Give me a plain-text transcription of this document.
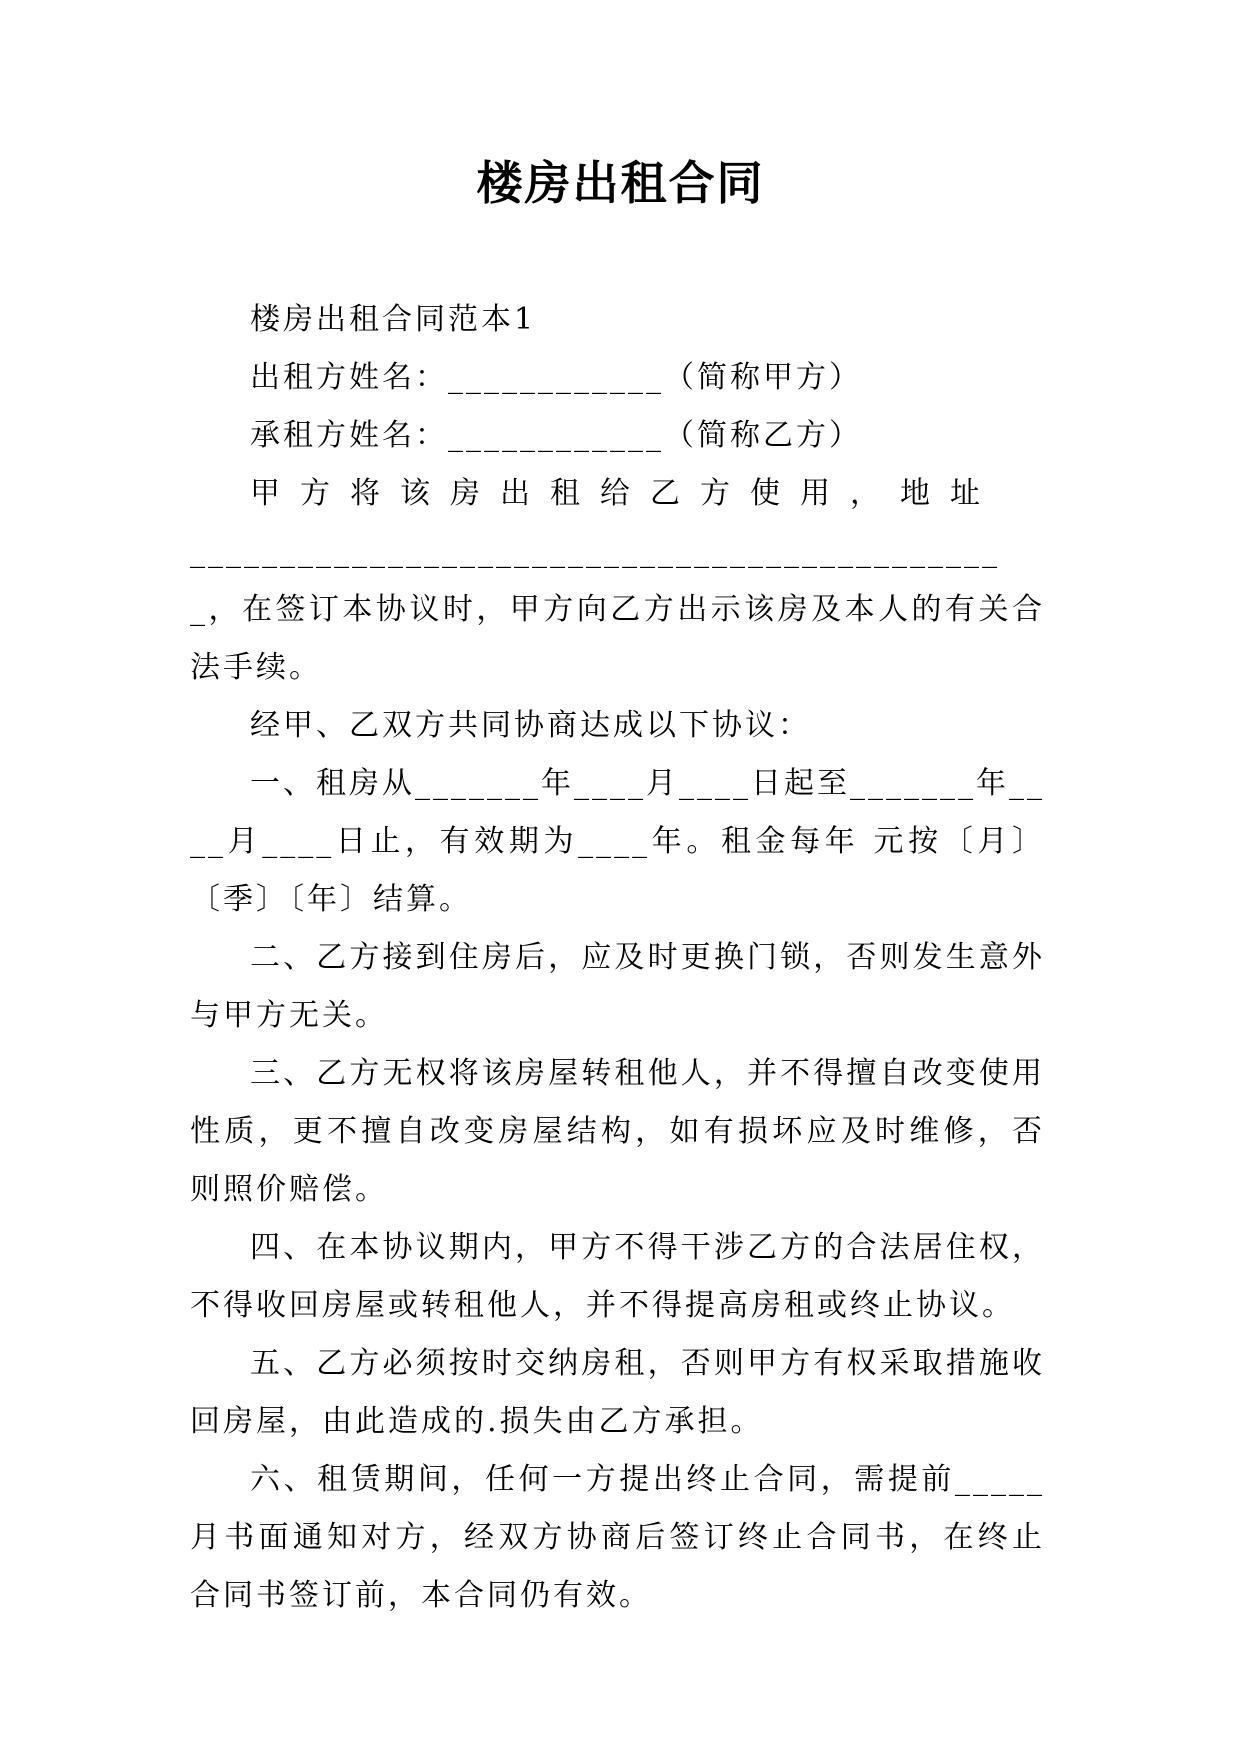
楼房出租合同

楼房出租合同范本1

出租方姓名：____________（简称甲方）

承租方姓名：____________（简称乙方）

甲方将该房出租给乙方使用，地址

______________________________________________，在签订本协议时，甲方向乙方出示该房及本人的有关合法手续。

经甲、乙双方共同协商达成以下协议：

一、租房从_______年____月____日起至_______年____月____日止，有效期为____年。租金每年 元按〔月〕〔季〕〔年〕结算。

二、乙方接到住房后，应及时更换门锁，否则发生意外与甲方无关。

三、乙方无权将该房屋转租他人，并不得擅自改变使用性质，更不擅自改变房屋结构，如有损坏应及时维修，否则照价赔偿。

四、在本协议期内，甲方不得干涉乙方的合法居住权，不得收回房屋或转租他人，并不得提高房租或终止协议。

五、乙方必须按时交纳房租，否则甲方有权采取措施收回房屋，由此造成的.损失由乙方承担。

六、租赁期间，任何一方提出终止合同，需提前_____月书面通知对方，经双方协商后签订终止合同书，在终止合同书签订前，本合同仍有效。
